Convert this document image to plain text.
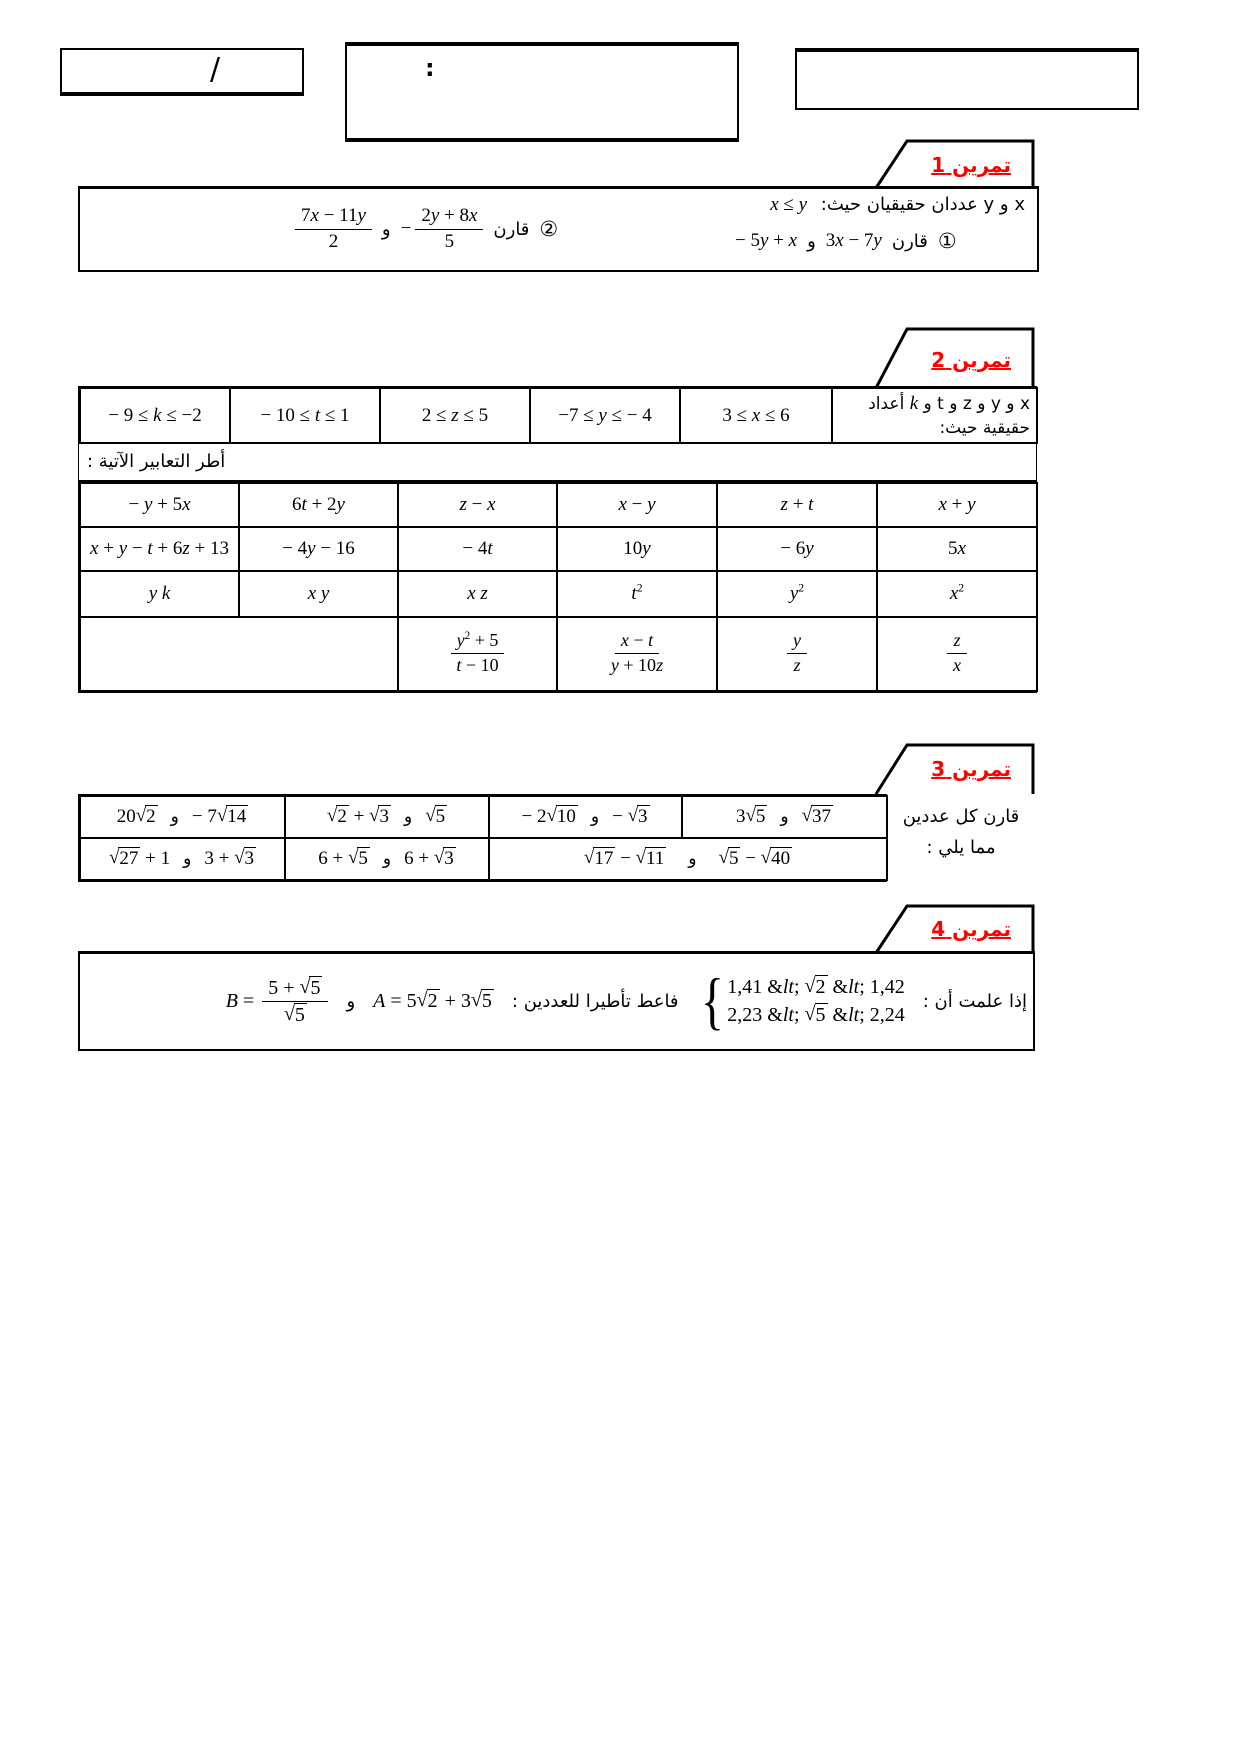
/	:
تمرين 1
x و y عددان حقيقيان حيث: x ≤ y
− 5y + x و 3x − 7y قارن ①
$\frac{7x - 11y}{2}$ و − $\frac{2y + 8x}{5}$ قارن ②
تمرين 2
− 9 ≤ k ≤ −2	− 10 ≤ t ≤ 1	2 ≤ z ≤ 5	−7 ≤ y ≤ − 4	3 ≤ x ≤ 6	x و y و z و t و k أعداد
حقيقية حيث:
أطر التعابير الآتية :
− y + 5x	6t + 2y	z − x	x − y	z + t	x + y
x + y − t + 6z + 13	− 4y − 16	− 4t	10y	− 6y	5x
y k	x y	x z	$t^2$	$y^2$	$x^2$

		$\frac{y^2 + 5}{t - 10}$	$\frac{x - t}{y + 10z}$	$\frac{y}{z}$	$\frac{z}{x}$
تمرين 3
قارن كل عددين
مما يلي :
20√2 و − 7√14	√2 + √3 و √5	− 2√10 و − √3	3√5 و √37

√27 + 1 و 3 + √3	6 + √5 و 6 + √3	√17 − √11 و √5 − √40	
تمرين 4
$B = \frac{5 + √5}{√5}$ و A = 5√2 + 3√5 فاعط تأطيرا للعددين : { 1,41 &lt; √2 &lt; 1,42
2,23 &lt; √5 &lt; 2,24
إذا علمت أن :
